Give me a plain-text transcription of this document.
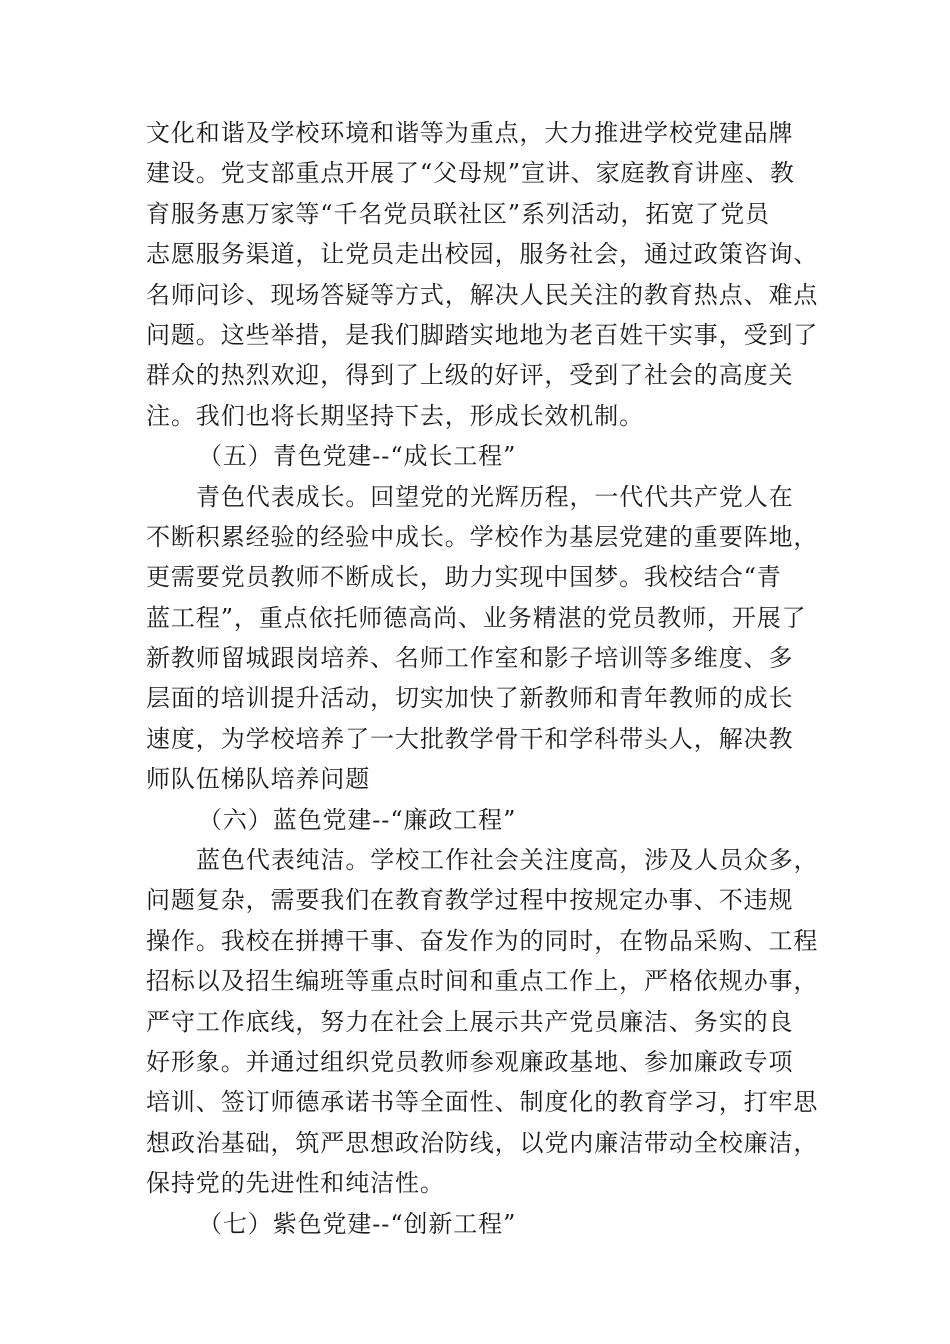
文化和谐及学校环境和谐等为重点，大力推进学校党建品牌
建设。党支部重点开展了“父母规”宣讲、家庭教育讲座、教
育服务惠万家等“千名党员联社区”系列活动，拓宽了党员
志愿服务渠道，让党员走出校园，服务社会，通过政策咨询、
名师问诊、现场答疑等方式，解决人民关注的教育热点、难点
问题。这些举措，是我们脚踏实地地为老百姓干实事，受到了
群众的热烈欢迎，得到了上级的好评，受到了社会的高度关
注。我们也将长期坚持下去，形成长效机制。
（五）青色党建--“成长工程”
青色代表成长。回望党的光辉历程，一代代共产党人在
不断积累经验的经验中成长。学校作为基层党建的重要阵地，
更需要党员教师不断成长，助力实现中国梦。我校结合“青
蓝工程”，重点依托师德高尚、业务精湛的党员教师，开展了
新教师留城跟岗培养、名师工作室和影子培训等多维度、多
层面的培训提升活动，切实加快了新教师和青年教师的成长
速度，为学校培养了一大批教学骨干和学科带头人，解决教
师队伍梯队培养问题
（六）蓝色党建--“廉政工程”
蓝色代表纯洁。学校工作社会关注度高，涉及人员众多，
问题复杂，需要我们在教育教学过程中按规定办事、不违规
操作。我校在拼搏干事、奋发作为的同时，在物品采购、工程
招标以及招生编班等重点时间和重点工作上，严格依规办事，
严守工作底线，努力在社会上展示共产党员廉洁、务实的良
好形象。并通过组织党员教师参观廉政基地、参加廉政专项
培训、签订师德承诺书等全面性、制度化的教育学习，打牢思
想政治基础，筑严思想政治防线，以党内廉洁带动全校廉洁，
保持党的先进性和纯洁性。
（七）紫色党建--“创新工程”
